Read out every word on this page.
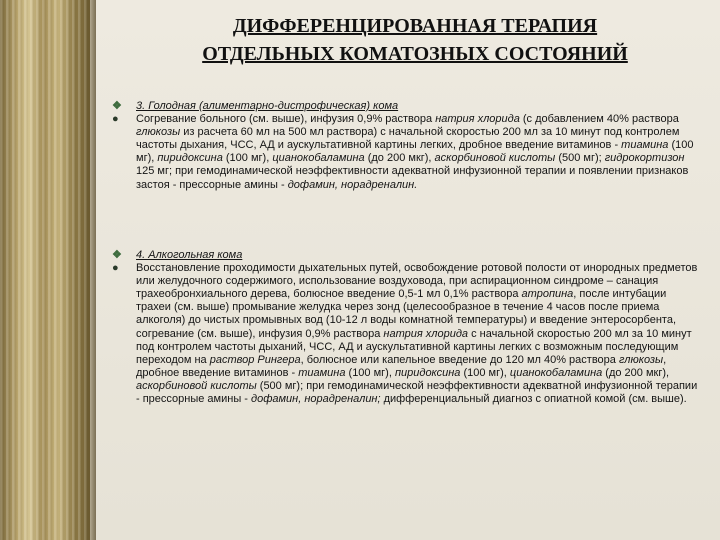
ДИФФЕРЕНЦИРОВАННАЯ ТЕРАПИЯ
ОТДЕЛЬНЫХ КОМАТОЗНЫХ СОСТОЯНИЙ
❖	3. Голодная (алиментарно-дистрофическая) кома
●	Согревание больного (см. выше), инфузия 0,9% раствора натрия хлорида (с добавлением 40% раствора глюкозы из расчета 60 мл на 500 мл раствора) с начальной скоростью 200 мл за 10 минут под контролем частоты дыхания, ЧСС, АД и аускультативной картины легких, дробное введение витаминов - тиамина (100 мг), пиридоксина (100 мг), цианокобаламина (до 200 мкг), аскорбиновой кислоты (500 мг); гидрокортизон 125 мг; при гемодинамической неэффективности адекватной инфузионной терапии и появлении признаков застоя - прессорные амины - дофамин, норадреналин.
❖	4. Алкогольная кома
●	Восстановление проходимости дыхательных путей, освобождение ротовой полости от инородных предметов или желудочного содержимого, использование воздуховода, при аспирационном синдроме – санация трахеобронхиального дерева, болюсное введение 0,5-1 мл 0,1% раствора атропина, после интубации трахеи (см. выше) промывание желудка через зонд (целесообразное в течение 4 часов после приема алкоголя) до чистых промывных вод (10-12 л воды комнатной температуры) и введение энтеросорбента, согревание (см. выше), инфузия 0,9% раствора натрия хлорида с начальной скоростью 200 мл за 10 минут под контролем частоты дыханий, ЧСС, АД и аускультативной картины легких с возможным последующим переходом на раствор Рингера, болюсное или капельное введение до 120 мл 40% раствора глюкозы, дробное введение витаминов - тиамина (100 мг), пиридоксина (100 мг), цианокобаламина (до 200 мкг), аскорбиновой кислоты (500 мг); при гемодинамической неэффективности адекватной инфузионной терапии - прессорные амины - дофамин, норадреналин; дифференциальный диагноз с опиатной комой (см. выше).
